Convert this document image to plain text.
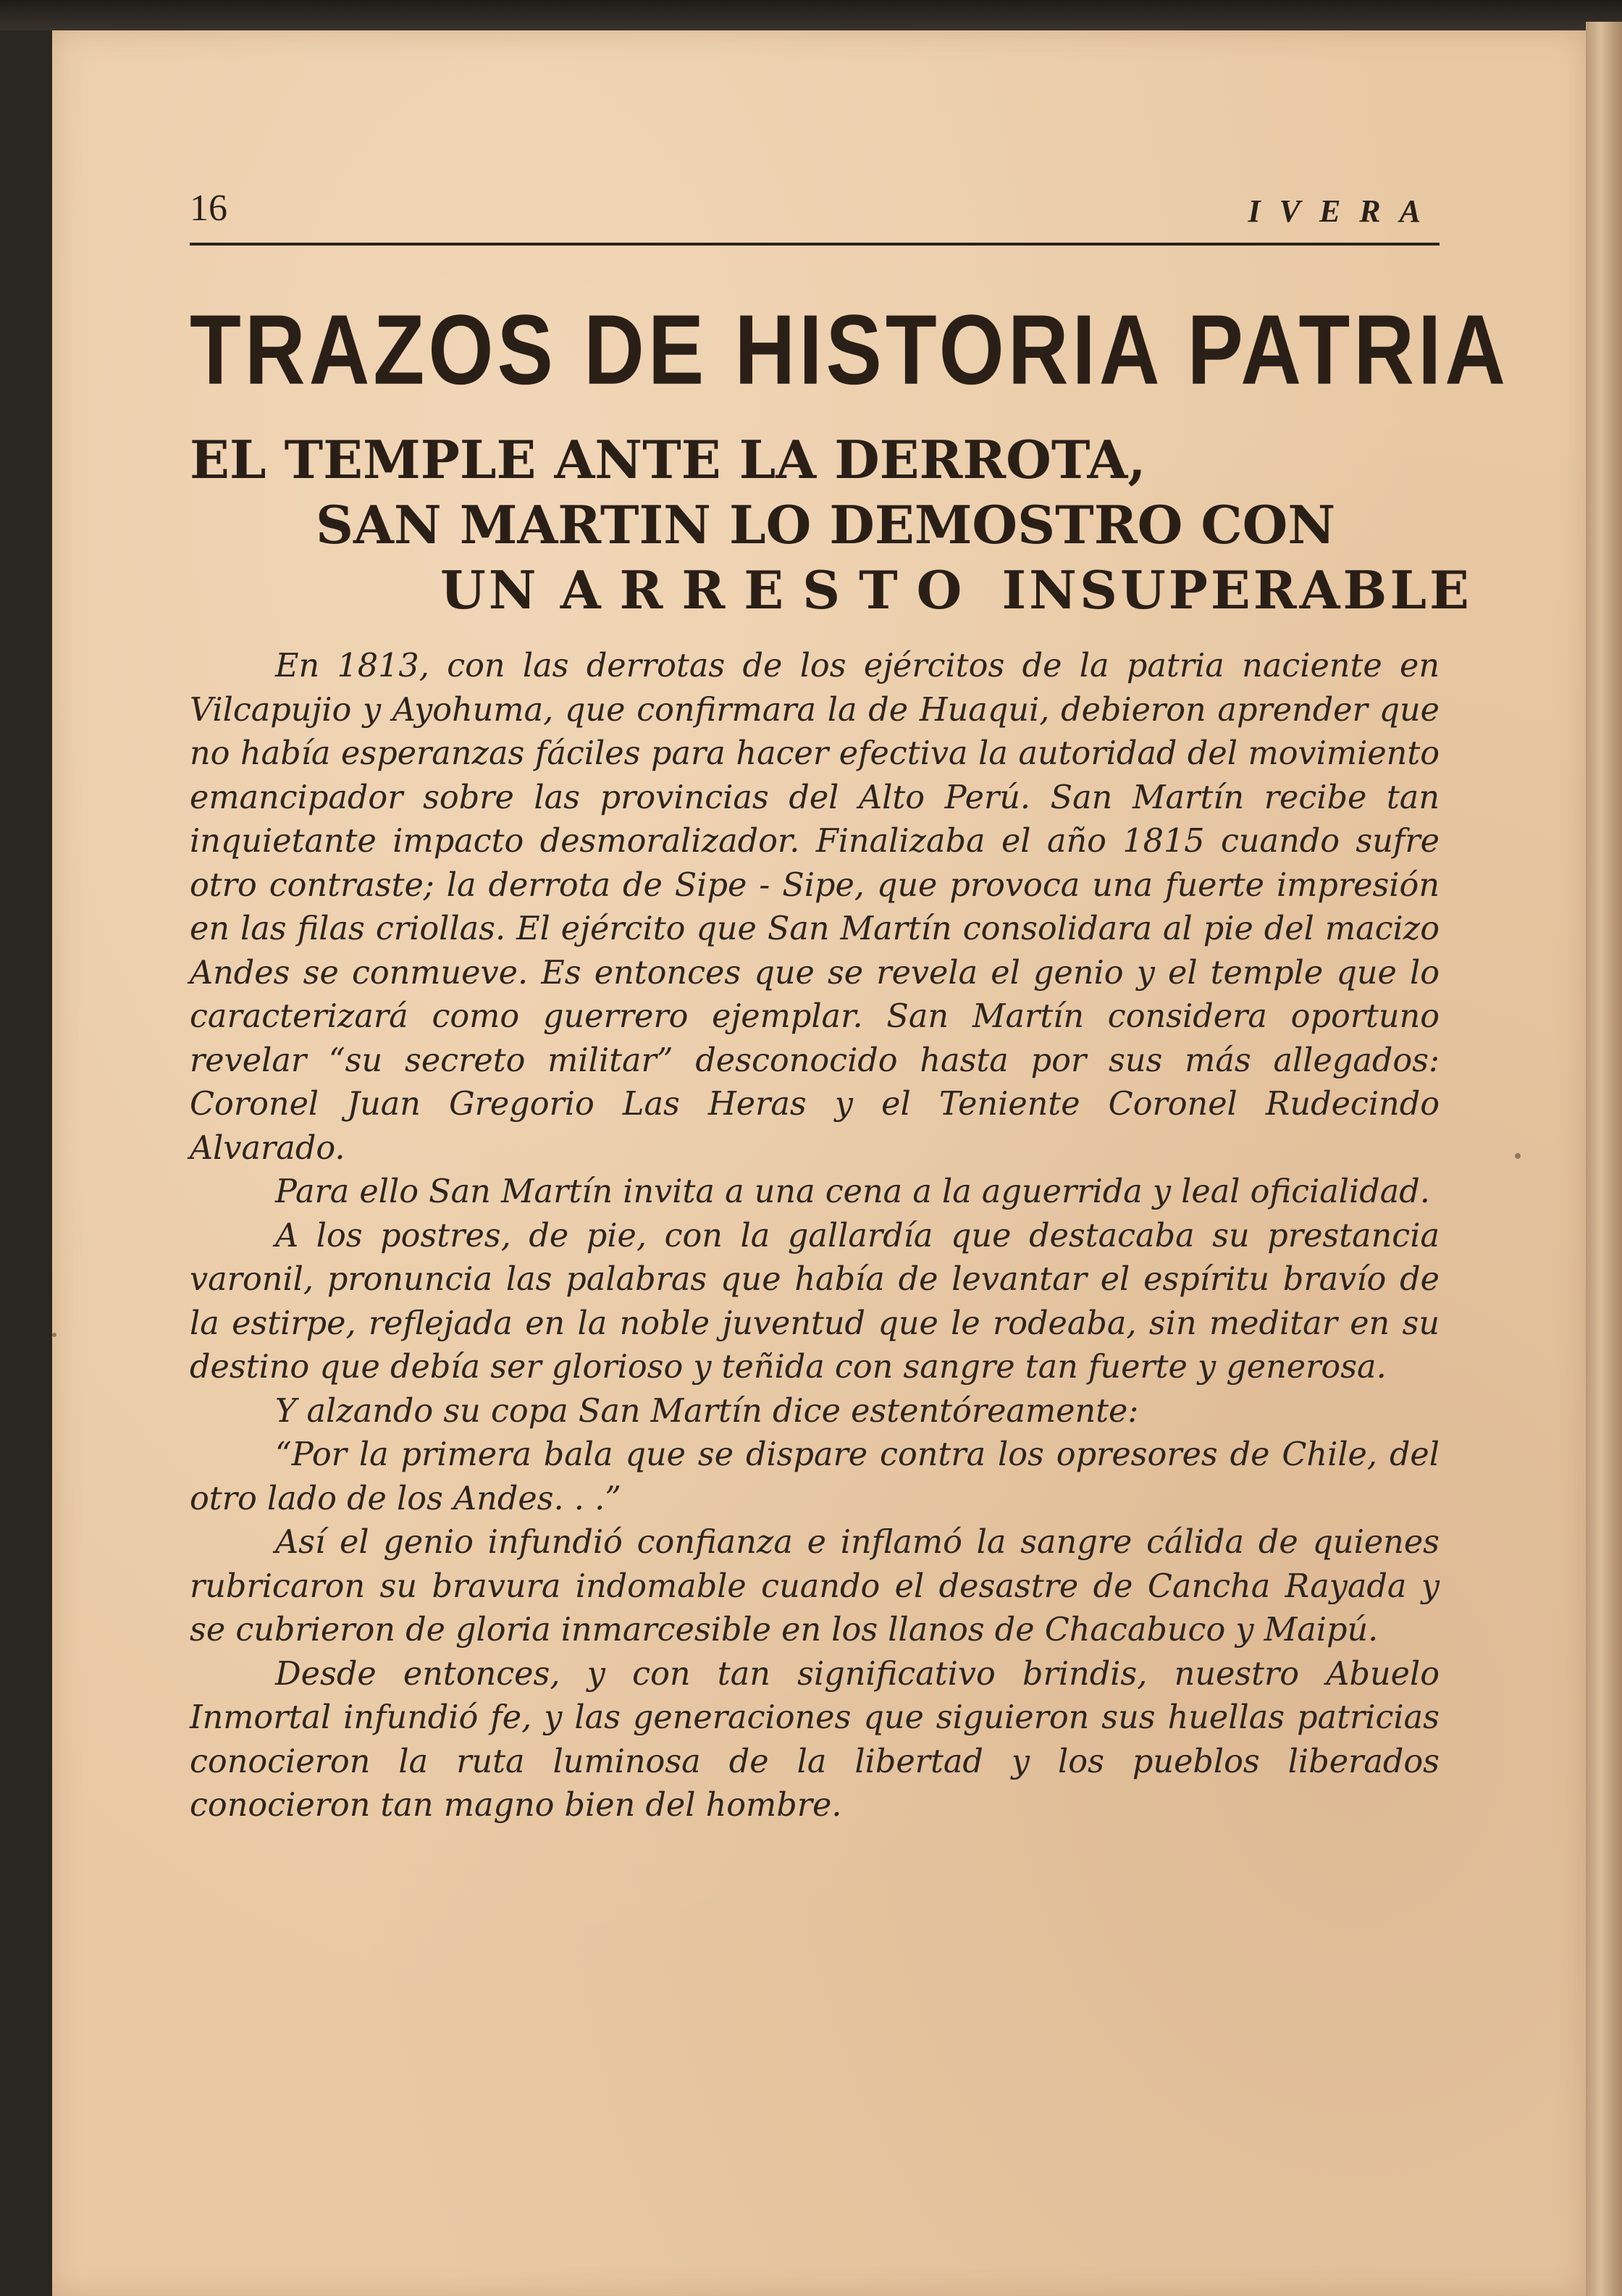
16	IVERA
TRAZOS DE HISTORIA PATRIA
EL TEMPLE ANTE LA DERROTA,
SAN MARTIN LO DEMOSTRO CON
UN ARRESTO INSUPERABLE

En 1813, con las derrotas de los ejércitos de la patria naciente en Vilcapujio y Ayohuma, que confirmara la de Huaqui, debieron aprender que no había esperanzas fáciles para hacer efectiva la autoridad del movimiento emancipador sobre las provincias del Alto Perú. San Martín recibe tan inquietante impacto desmoralizador. Finalizaba el año 1815 cuando sufre otro contraste; la derrota de Sipe - Sipe, que provoca una fuerte impresión en las filas criollas. El ejército que San Martín consolidara al pie del macizo Andes se conmueve. Es entonces que se revela el genio y el temple que lo caracterizará como guerrero ejemplar. San Martín considera oportuno revelar “su secreto militar” desconocido hasta por sus más allegados: Coronel Juan Gregorio Las Heras y el Teniente Coronel Rudecindo Alvarado.

Para ello San Martín invita a una cena a la aguerrida y leal oficialidad.

A los postres, de pie, con la gallardía que destacaba su prestancia varonil, pronuncia las palabras que había de levantar el espíritu bravío de la estirpe, reflejada en la noble juventud que le rodeaba, sin meditar en su destino que debía ser glorioso y teñida con sangre tan fuerte y generosa.

Y alzando su copa San Martín dice estentóreamente:

“Por la primera bala que se dispare contra los opresores de Chile, del otro lado de los Andes. . .”

Así el genio infundió confianza e inflamó la sangre cálida de quienes rubricaron su bravura indomable cuando el desastre de Cancha Rayada y se cubrieron de gloria inmarcesible en los llanos de Chacabuco y Maipú.

Desde entonces, y con tan significativo brindis, nuestro Abuelo Inmortal infundió fe, y las generaciones que siguieron sus huellas patricias conocieron la ruta luminosa de la libertad y los pueblos liberados conocieron tan magno bien del hombre.
